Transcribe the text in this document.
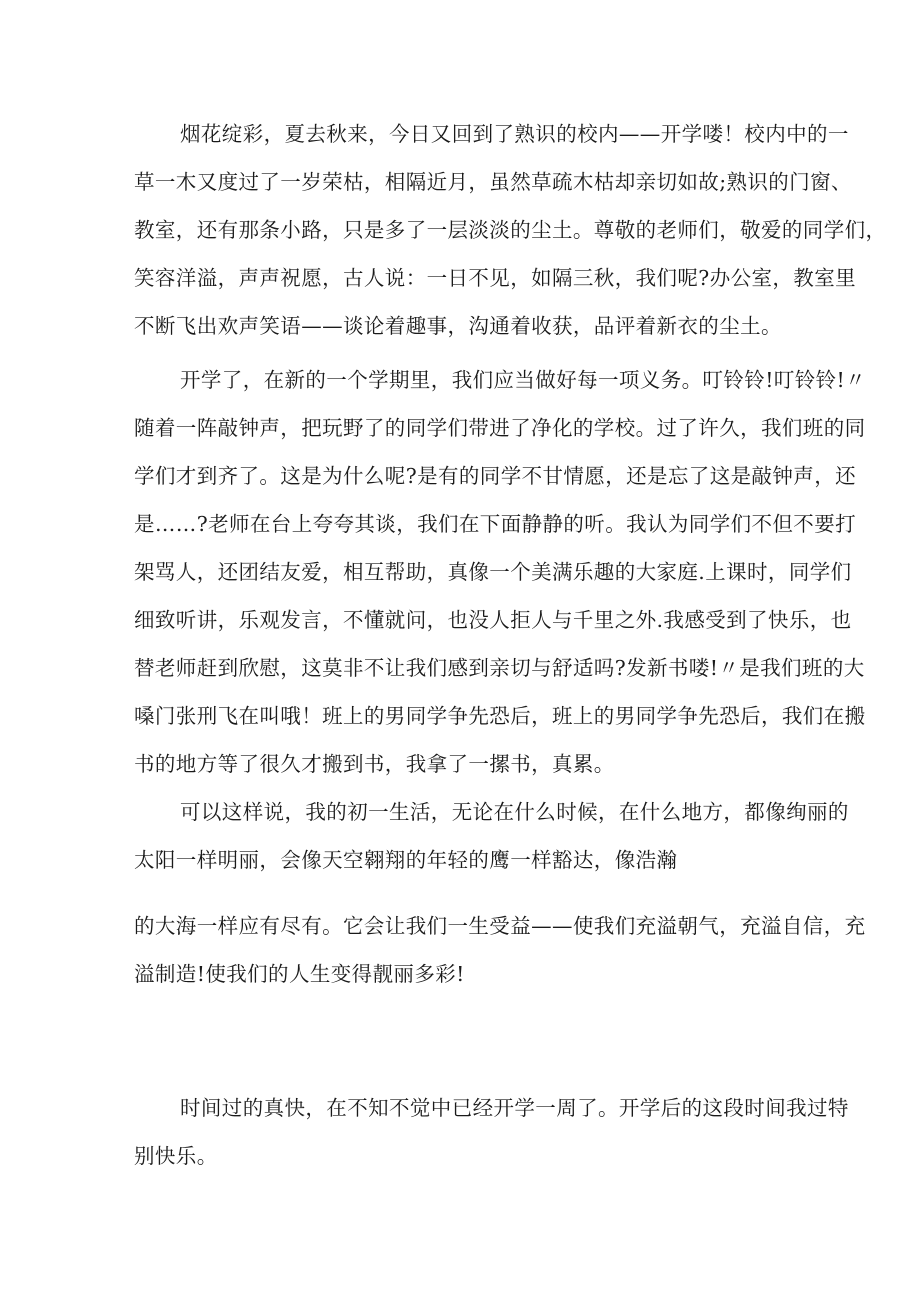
烟花绽彩，夏去秋来，今日又回到了熟识的校内——开学喽！校内中的一
草一木又度过了一岁荣枯，相隔近月，虽然草疏木枯却亲切如故;熟识的门窗、
教室，还有那条小路，只是多了一层淡淡的尘土。尊敬的老师们，敬爱的同学们，
笑容洋溢，声声祝愿，古人说：一日不见，如隔三秋，我们呢?办公室，教室里
不断飞出欢声笑语——谈论着趣事，沟通着收获，品评着新衣的尘土。
开学了，在新的一个学期里，我们应当做好每一项义务。叮铃铃!叮铃铃!〃
随着一阵敲钟声，把玩野了的同学们带进了净化的学校。过了许久，我们班的同
学们才到齐了。这是为什么呢?是有的同学不甘情愿，还是忘了这是敲钟声，还
是……?老师在台上夸夸其谈，我们在下面静静的听。我认为同学们不但不要打
架骂人，还团结友爱，相互帮助，真像一个美满乐趣的大家庭.上课时，同学们
细致听讲，乐观发言，不懂就问，也没人拒人与千里之外.我感受到了快乐，也
替老师赶到欣慰，这莫非不让我们感到亲切与舒适吗?发新书喽!〃是我们班的大
嗓门张刑飞在叫哦！班上的男同学争先恐后，班上的男同学争先恐后，我们在搬
书的地方等了很久才搬到书，我拿了一摞书，真累。
可以这样说，我的初一生活，无论在什么时候，在什么地方，都像绚丽的
太阳一样明丽，会像天空翱翔的年轻的鹰一样豁达，像浩瀚
的大海一样应有尽有。它会让我们一生受益——使我们充溢朝气，充溢自信，充
溢制造!使我们的人生变得靓丽多彩!
时间过的真快，在不知不觉中已经开学一周了。开学后的这段时间我过特
别快乐。
